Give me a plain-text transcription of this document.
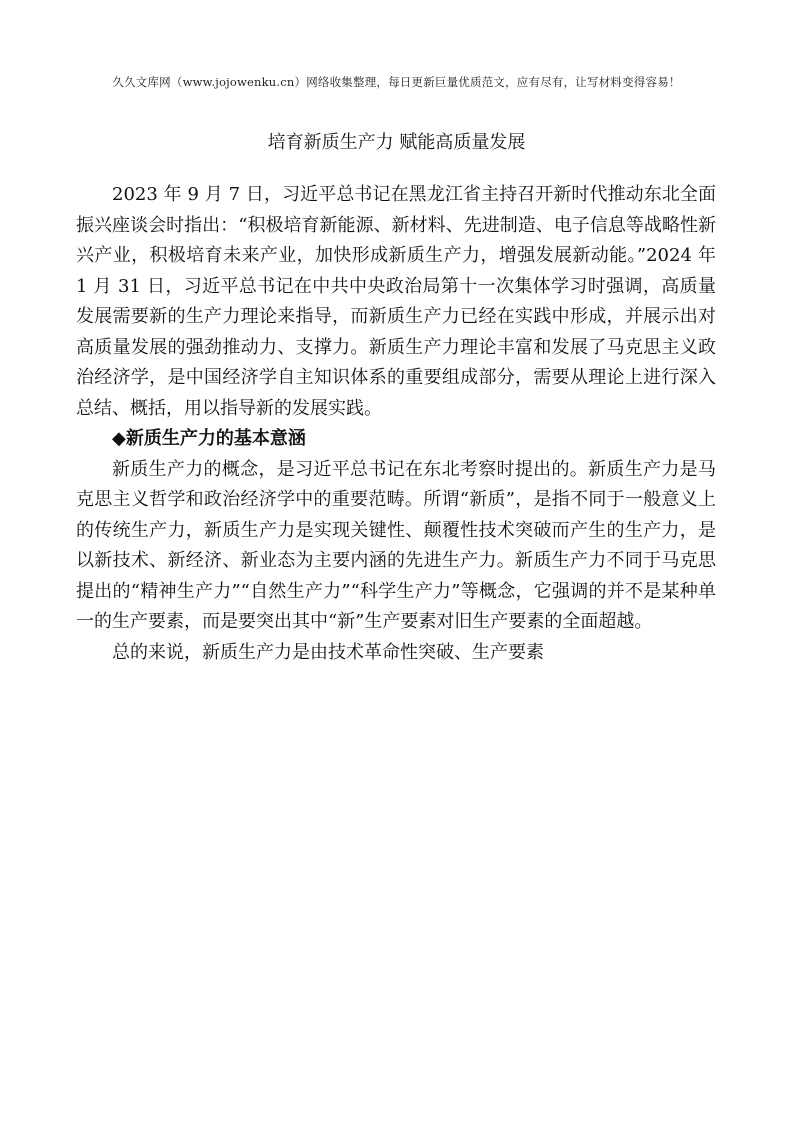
久久文库网（www.jojowenku.cn）网络收集整理，每日更新巨量优质范文，应有尽有，让写材料变得容易！
培育新质生产力 赋能高质量发展

2023 年 9 月 7 日，习近平总书记在黑龙江省主持召开新时代推动东北全面振兴座谈会时指出：“积极培育新能源、新材料、先进制造、电子信息等战略性新兴产业，积极培育未来产业，加快形成新质生产力，增强发展新动能。”2024 年 1 月 31 日，习近平总书记在中共中央政治局第十一次集体学习时强调，高质量发展需要新的生产力理论来指导，而新质生产力已经在实践中形成，并展示出对高质量发展的强劲推动力、支撑力。新质生产力理论丰富和发展了马克思主义政治经济学，是中国经济学自主知识体系的重要组成部分，需要从理论上进行深入总结、概括，用以指导新的发展实践。

◆新质生产力的基本意涵

新质生产力的概念，是习近平总书记在东北考察时提出的。新质生产力是马克思主义哲学和政治经济学中的重要范畴。所谓“新质”，是指不同于一般意义上的传统生产力，新质生产力是实现关键性、颠覆性技术突破而产生的生产力，是以新技术、新经济、新业态为主要内涵的先进生产力。新质生产力不同于马克思提出的“精神生产力”“自然生产力”“科学生产力”等概念，它强调的并不是某种单一的生产要素，而是要突出其中“新”生产要素对旧生产要素的全面超越。

总的来说，新质生产力是由技术革命性突破、生产要素
